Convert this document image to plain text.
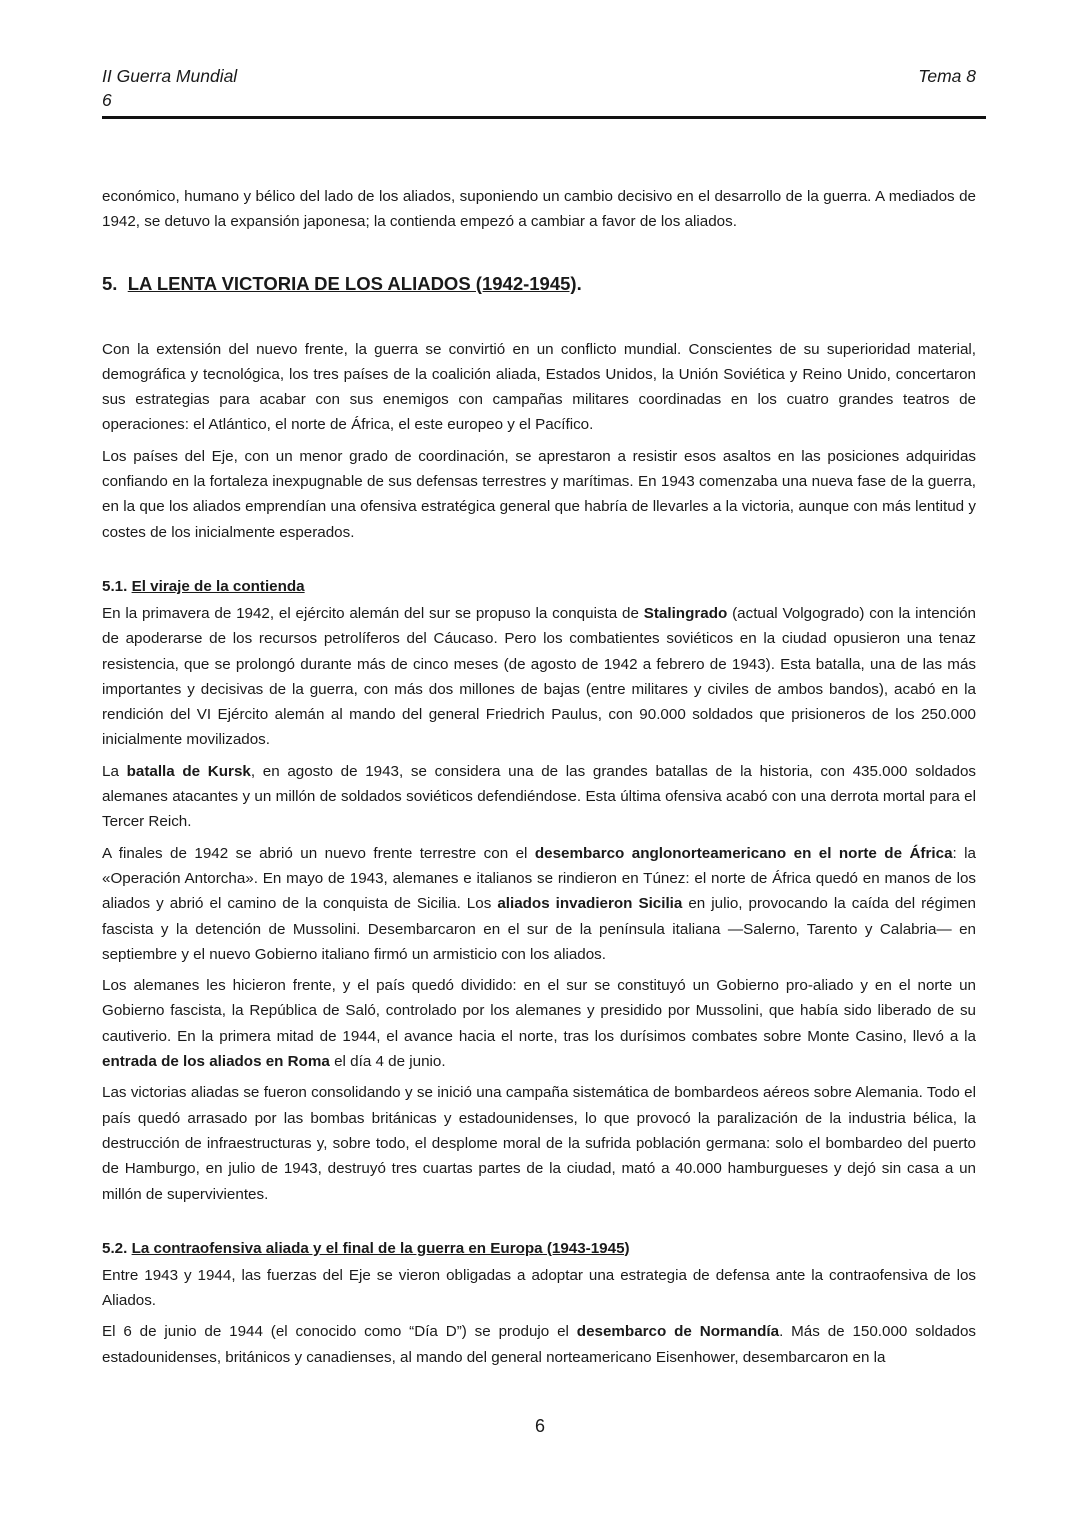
II Guerra Mundial
6
Tema 8

económico, humano y bélico del lado de los aliados, suponiendo un cambio decisivo en el desarrollo de la guerra. A mediados de 1942, se detuvo la expansión japonesa; la contienda empezó a cambiar a favor de los aliados.

5. LA LENTA VICTORIA DE LOS ALIADOS (1942-1945).

Con la extensión del nuevo frente, la guerra se convirtió en un conflicto mundial. Conscientes de su superioridad material, demográfica y tecnológica, los tres países de la coalición aliada, Estados Unidos, la Unión Soviética y Reino Unido, concertaron sus estrategias para acabar con sus enemigos con campañas militares coordinadas en los cuatro grandes teatros de operaciones: el Atlántico, el norte de África, el este europeo y el Pacífico.

Los países del Eje, con un menor grado de coordinación, se aprestaron a resistir esos asaltos en las posiciones adquiridas confiando en la fortaleza inexpugnable de sus defensas terrestres y marítimas. En 1943 comenzaba una nueva fase de la guerra, en la que los aliados emprendían una ofensiva estratégica general que habría de llevarles a la victoria, aunque con más lentitud y costes de los inicialmente esperados.

5.1. El viraje de la contienda

En la primavera de 1942, el ejército alemán del sur se propuso la conquista de Stalingrado (actual Volgogrado) con la intención de apoderarse de los recursos petrolíferos del Cáucaso. Pero los combatientes soviéticos en la ciudad opusieron una tenaz resistencia, que se prolongó durante más de cinco meses (de agosto de 1942 a febrero de 1943). Esta batalla, una de las más importantes y decisivas de la guerra, con más dos millones de bajas (entre militares y civiles de ambos bandos), acabó en la rendición del VI Ejército alemán al mando del general Friedrich Paulus, con 90.000 soldados que prisioneros de los 250.000 inicialmente movilizados.

La batalla de Kursk, en agosto de 1943, se considera una de las grandes batallas de la historia, con 435.000 soldados alemanes atacantes y un millón de soldados soviéticos defendiéndose. Esta última ofensiva acabó con una derrota mortal para el Tercer Reich.

A finales de 1942 se abrió un nuevo frente terrestre con el desembarco anglonorteamericano en el norte de África: la «Operación Antorcha». En mayo de 1943, alemanes e italianos se rindieron en Túnez: el norte de África quedó en manos de los aliados y abrió el camino de la conquista de Sicilia. Los aliados invadieron Sicilia en julio, provocando la caída del régimen fascista y la detención de Mussolini. Desembarcaron en el sur de la península italiana —Salerno, Tarento y Calabria— en septiembre y el nuevo Gobierno italiano firmó un armisticio con los aliados.

Los alemanes les hicieron frente, y el país quedó dividido: en el sur se constituyó un Gobierno pro-aliado y en el norte un Gobierno fascista, la República de Saló, controlado por los alemanes y presidido por Mussolini, que había sido liberado de su cautiverio. En la primera mitad de 1944, el avance hacia el norte, tras los durísimos combates sobre Monte Casino, llevó a la entrada de los aliados en Roma el día 4 de junio.

Las victorias aliadas se fueron consolidando y se inició una campaña sistemática de bombardeos aéreos sobre Alemania. Todo el país quedó arrasado por las bombas británicas y estadounidenses, lo que provocó la paralización de la industria bélica, la destrucción de infraestructuras y, sobre todo, el desplome moral de la sufrida población germana: solo el bombardeo del puerto de Hamburgo, en julio de 1943, destruyó tres cuartas partes de la ciudad, mató a 40.000 hamburgueses y dejó sin casa a un millón de supervivientes.

5.2. La contraofensiva aliada y el final de la guerra en Europa (1943-1945)

Entre 1943 y 1944, las fuerzas del Eje se vieron obligadas a adoptar una estrategia de defensa ante la contraofensiva de los Aliados.

El 6 de junio de 1944 (el conocido como “Día D”) se produjo el desembarco de Normandía. Más de 150.000 soldados estadounidenses, británicos y canadienses, al mando del general norteamericano Eisenhower, desembarcaron en la

6
